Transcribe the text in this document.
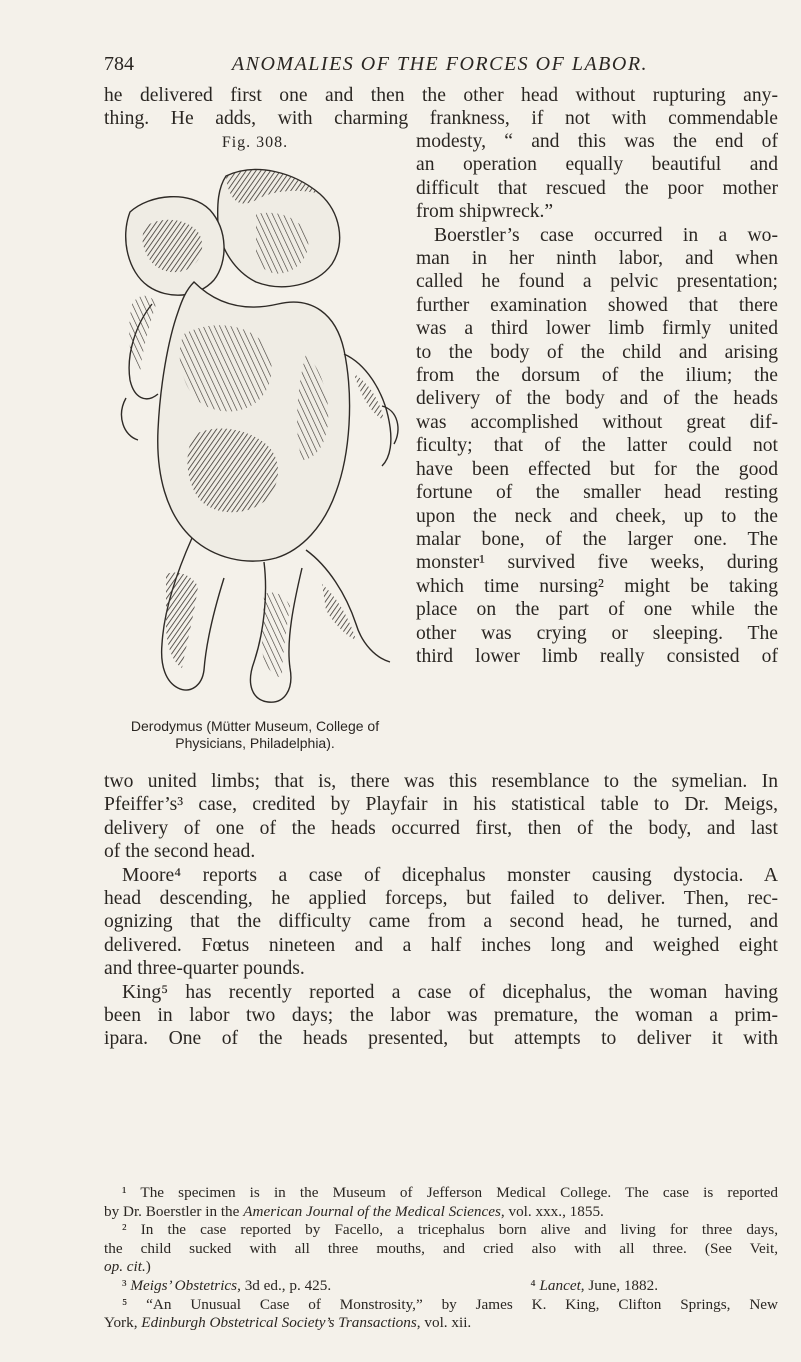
784	ANOMALIES OF THE FORCES OF LABOR.
he delivered first one and then the other head without rupturing any-
thing. He adds, with charming frankness, if not with commendable
Fig. 308.
Derodymus (Mütter Museum, College of Physicians, Philadelphia).
modesty, “ and this was the end of
an operation equally beautiful and
difficult that rescued the poor mother
from shipwreck.”
Boerstler’s case occurred in a wo-
man in her ninth labor, and when
called he found a pelvic presentation;
further examination showed that there
was a third lower limb firmly united
to the body of the child and arising
from the dorsum of the ilium; the
delivery of the body and of the heads
was accomplished without great dif-
ficulty; that of the latter could not
have been effected but for the good
fortune of the smaller head resting
upon the neck and cheek, up to the
malar bone, of the larger one. The
monster¹ survived five weeks, during
which time nursing² might be taking
place on the part of one while the
other was crying or sleeping. The
third lower limb really consisted of
two united limbs; that is, there was this resemblance to the symelian. In
Pfeiffer’s³ case, credited by Playfair in his statistical table to Dr. Meigs,
delivery of one of the heads occurred first, then of the body, and last
of the second head.
Moore⁴ reports a case of dicephalus monster causing dystocia. A
head descending, he applied forceps, but failed to deliver. Then, rec-
ognizing that the difficulty came from a second head, he turned, and
delivered. Fœtus nineteen and a half inches long and weighed eight
and three-quarter pounds.
King⁵ has recently reported a case of dicephalus, the woman having
been in labor two days; the labor was premature, the woman a prim-
ipara. One of the heads presented, but attempts to deliver it with

¹ The specimen is in the Museum of Jefferson Medical College. The case is reported

by Dr. Boerstler in the American Journal of the Medical Sciences, vol. xxx., 1855.

² In the case reported by Facello, a tricephalus born alive and living for three days,

the child sucked with all three mouths, and cried also with all three. (See Veit,

op. cit.)

³ Meigs’ Obstetrics, 3d ed., p. 425.	⁴ Lancet, June, 1882.

⁵ “An Unusual Case of Monstrosity,” by James K. King, Clifton Springs, New

York, Edinburgh Obstetrical Society’s Transactions, vol. xii.
